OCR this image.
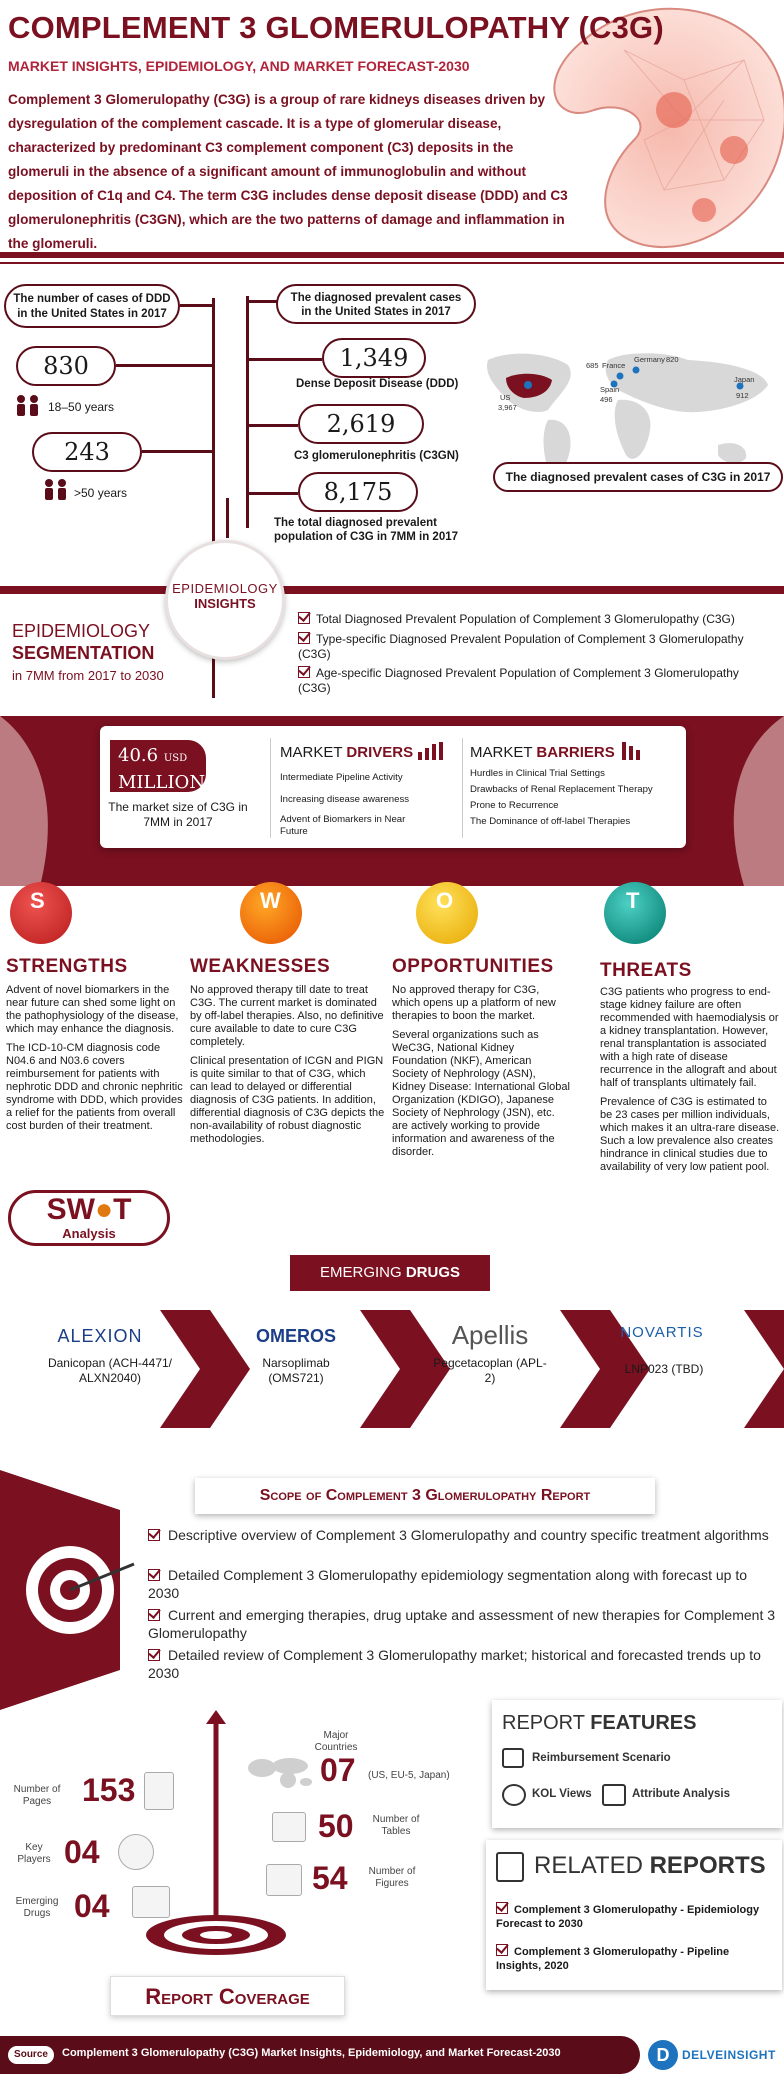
COMPLEMENT 3 GLOMERULOPATHY (C3G)
MARKET INSIGHTS, EPIDEMIOLOGY, AND MARKET FORECAST-2030
Complement 3 Glomerulopathy (C3G) is a group of rare kidneys diseases driven by dysregulation of the complement cascade. It is a type of glomerular disease, characterized by predominant C3 complement component (C3) deposits in the glomeruli in the absence of a significant amount of immunoglobulin and without deposition of C1q and C4. The term C3G includes dense deposit disease (DDD) and C3 glomerulonephritis (C3GN), which are the two patterns of damage and inflammation in the glomeruli.
The number of cases of DDD in the United States in 2017
830
18–50 years
243
>50 years
The diagnosed prevalent cases in the United States in 2017
1,349
Dense Deposit Disease (DDD)
2,619
C3 glomerulonephritis (C3GN)
8,175
The total diagnosed prevalent population of C3G in 7MM in 2017
US
3,967
685 France
Germany 820
Spain
496
Japan
912
The diagnosed prevalent cases of C3G in 2017
EPIDEMIOLOGY
INSIGHTS
EPIDEMIOLOGY
SEGMENTATION
in 7MM from 2017 to 2030
Total Diagnosed Prevalent Population of Complement 3 Glomerulopathy (C3G)
Type-specific Diagnosed Prevalent Population of Complement 3 Glomerulopathy (C3G)
Age-specific Diagnosed Prevalent Population of Complement 3 Glomerulopathy (C3G)
40.6 USD
MILLION
The market size of C3G in 7MM in 2017
MARKET DRIVERS
Intermediate Pipeline Activity
Increasing disease awareness
Advent of Biomarkers in Near Future
MARKET BARRIERS
Hurdles in Clinical Trial Settings
Drawbacks of Renal Replacement Therapy
Prone to Recurrence
The Dominance of off-label Therapies
S	W	O	T
STRENGTHS

Advent of novel biomarkers in the near future can shed some light on the pathophysiology of the disease, which may enhance the diagnosis.

The ICD-10-CM diagnosis code N04.6 and N03.6 covers reimbursement for patients with nephrotic DDD and chronic nephritic syndrome with DDD, which provides a relief for the patients from overall cost burden of their treatment.

WEAKNESSES

No approved therapy till date to treat C3G. The current market is dominated by off-label therapies. Also, no definitive cure available to date to cure C3G completely.

Clinical presentation of ICGN and PIGN is quite similar to that of C3G, which can lead to delayed or differential diagnosis of C3G patients. In addition, differential diagnosis of C3G depicts the non-availability of robust diagnostic methodologies.

OPPORTUNITIES

No approved therapy for C3G, which opens up a platform of new therapies to boon the market.

Several organizations such as WeC3G, National Kidney Foundation (NKF), American Society of Nephrology (ASN), Kidney Disease: International Global Organization (KDIGO), Japanese Society of Nephrology (JSN), etc. are actively working to provide information and awareness of the disorder.

THREATS

C3G patients who progress to end-stage kidney failure are often recommended with haemodialysis or a kidney transplantation. However, renal transplantation is associated with a high rate of disease recurrence in the allograft and about half of transplants ultimately fail.

Prevalence of C3G is estimated to be 23 cases per million individuals, which makes it an ultra-rare disease. Such a low prevalence also creates hindrance in clinical studies due to availability of very low patient pool.

SW●T
Analysis
EMERGING DRUGS
ALEXION
Danicopan (ACH-4471/ ALXN2040)
OMEROS
Narsoplimab (OMS721)
Apellis
Pegcetacoplan (APL-2)
NOVARTIS
LNP023 (TBD)
Scope of Complement 3 Glomerulopathy Report
Descriptive overview of Complement 3 Glomerulopathy and country specific treatment algorithms
Detailed Complement 3 Glomerulopathy epidemiology segmentation along with forecast up to 2030
Current and emerging therapies, drug uptake and assessment of new therapies for Complement 3 Glomerulopathy
Detailed review of Complement 3 Glomerulopathy market; historical and forecasted trends up to 2030
Number of Pages 153
Key Players 04
Emerging Drugs 04
Major Countries
07 (US, EU-5, Japan)
50	Number of Tables
54	Number of Figures
Report Coverage
REPORT FEATURES
Reimbursement Scenario
KOL Views	Attribute Analysis
RELATED REPORTS
Complement 3 Glomerulopathy - Epidemiology Forecast to 2030
Complement 3 Glomerulopathy - Pipeline Insights, 2020
Source	Complement 3 Glomerulopathy (C3G) Market Insights, Epidemiology, and Market Forecast-2030	D	DELVEINSIGHT
